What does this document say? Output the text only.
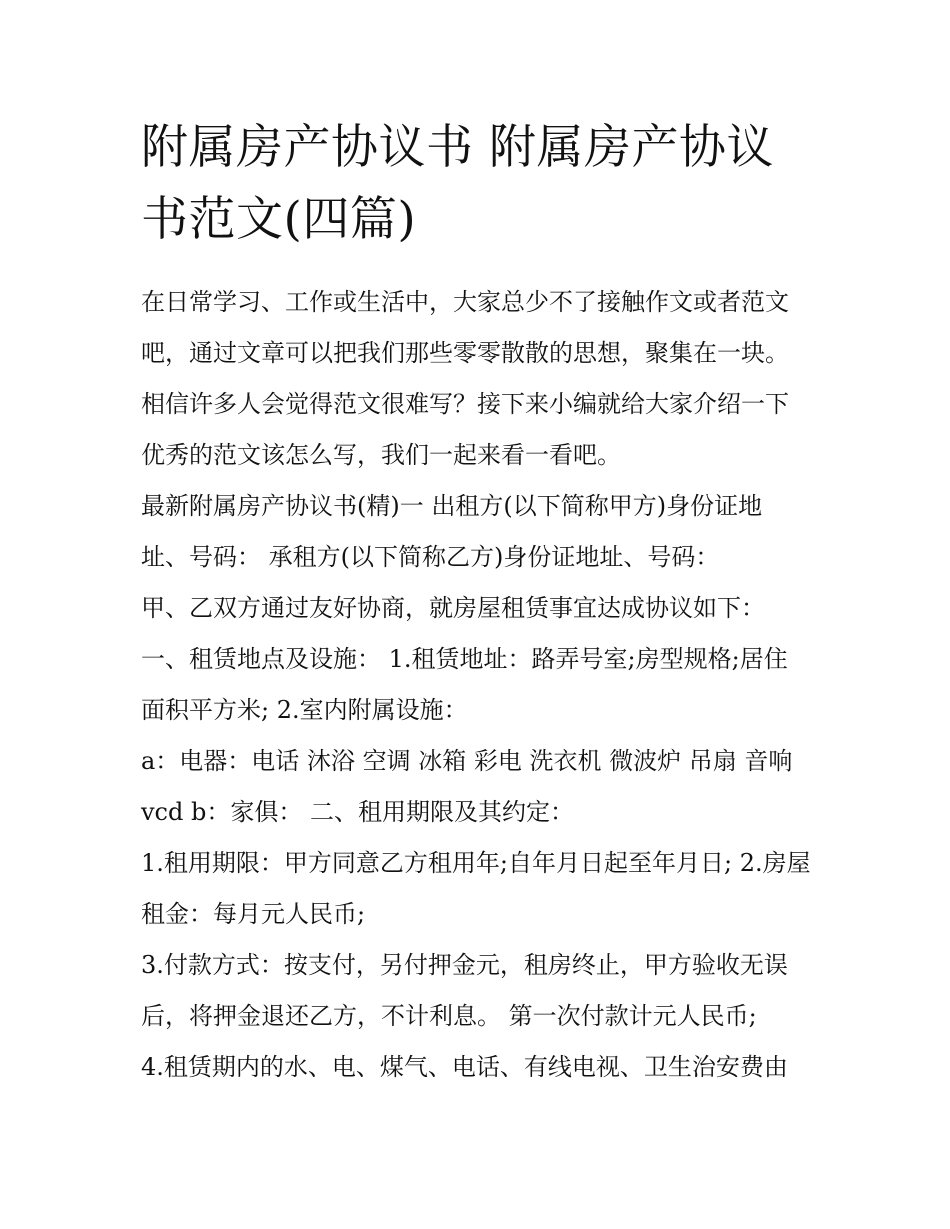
附属房产协议书 附属房产协议
书范文(四篇)
在日常学习、工作或生活中，大家总少不了接触作文或者范文
吧，通过文章可以把我们那些零零散散的思想，聚集在一块。
相信许多人会觉得范文很难写？接下来小编就给大家介绍一下
优秀的范文该怎么写，我们一起来看一看吧。
最新附属房产协议书(精)一 出租方(以下简称甲方)身份证地
址、号码： 承租方(以下简称乙方)身份证地址、号码：
甲、乙双方通过友好协商，就房屋租赁事宜达成协议如下：
一、租赁地点及设施： 1.租赁地址：路弄号室;房型规格;居住
面积平方米; 2.室内附属设施：
a：电器：电话 沐浴 空调 冰箱 彩电 洗衣机 微波炉 吊扇 音响
vcd b：家俱： 二、租用期限及其约定：
1.租用期限：甲方同意乙方租用年;自年月日起至年月日; 2.房屋
租金：每月元人民币;
3.付款方式：按支付，另付押金元，租房终止，甲方验收无误
后，将押金退还乙方，不计利息。 第一次付款计元人民币;
4.租赁期内的水、电、煤气、电话、有线电视、卫生治安费由
